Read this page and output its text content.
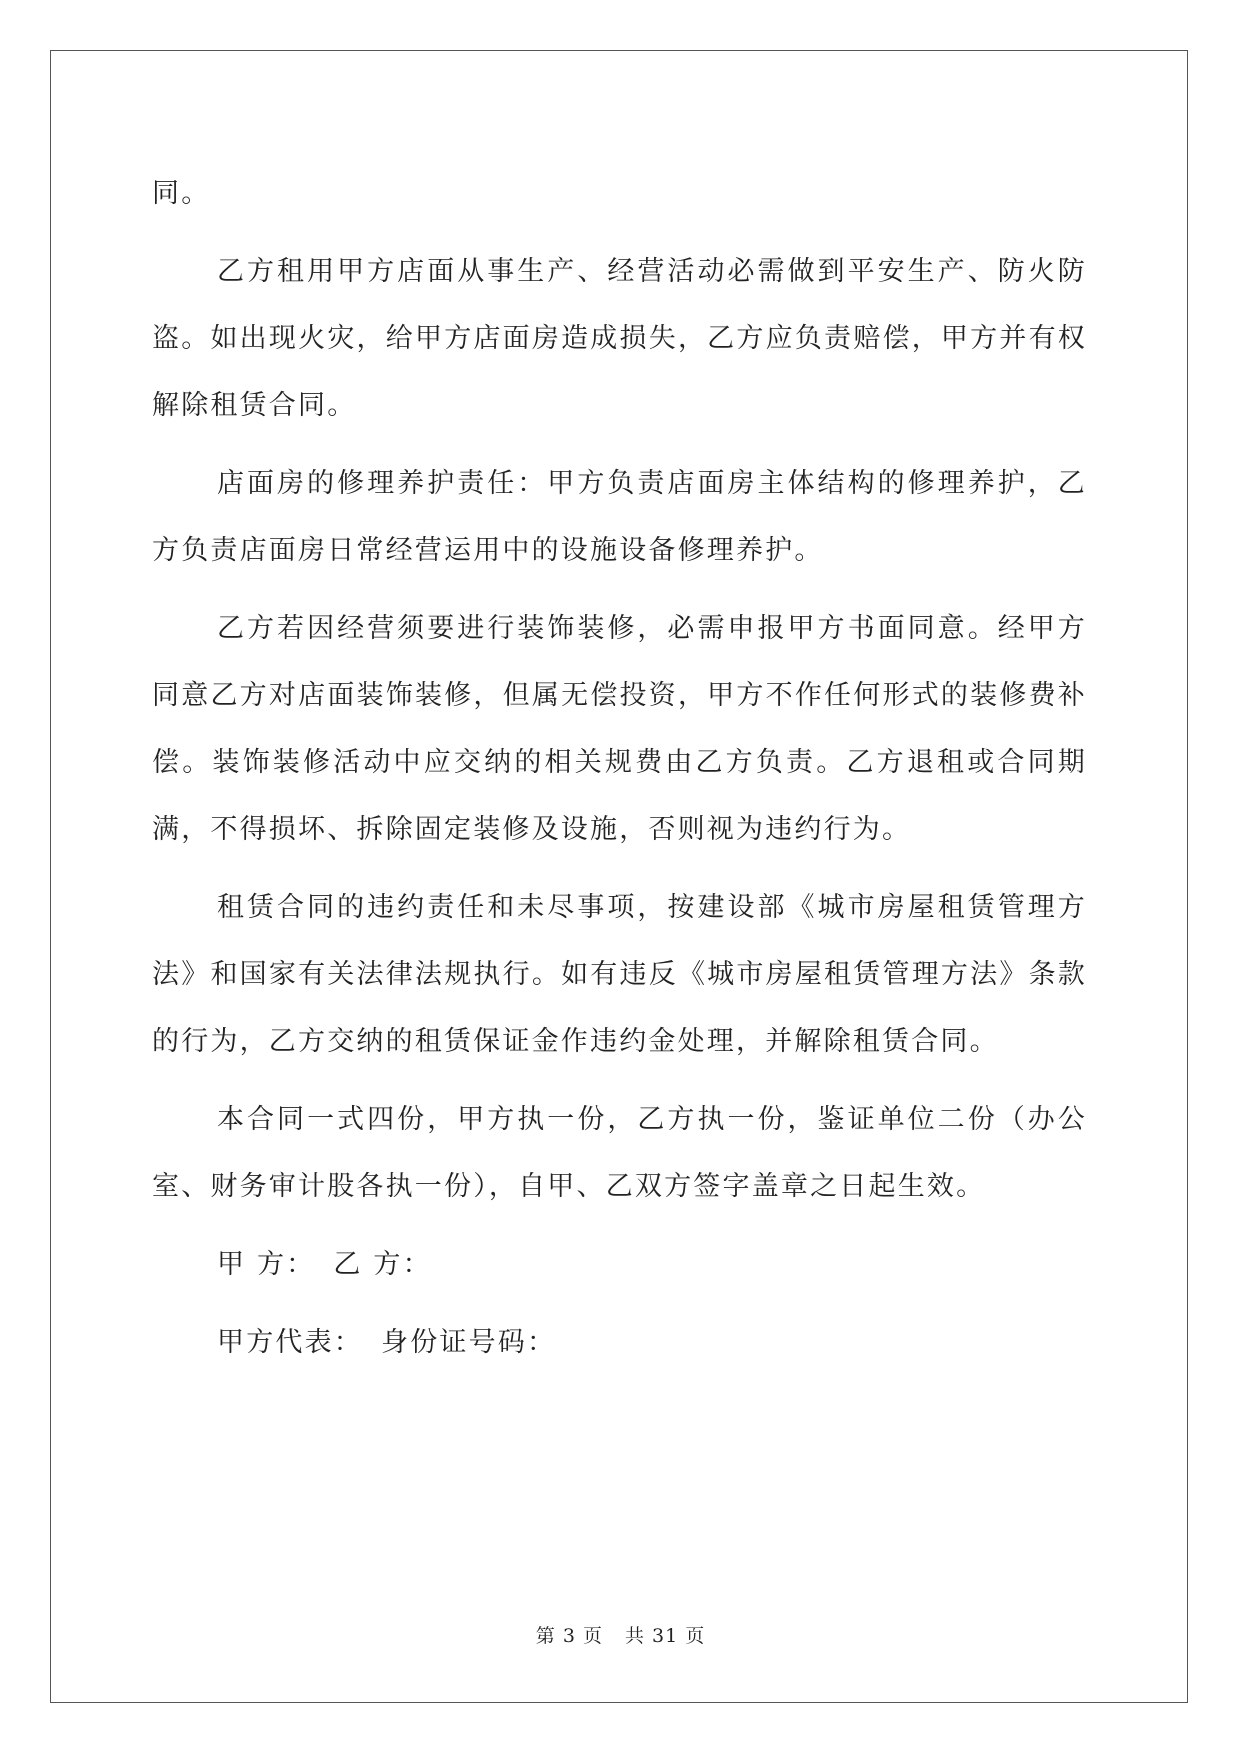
同。

乙方租用甲方店面从事生产、经营活动必需做到平安生产、防火防盗。如出现火灾，给甲方店面房造成损失，乙方应负责赔偿，甲方并有权解除租赁合同。

店面房的修理养护责任：甲方负责店面房主体结构的修理养护，乙方负责店面房日常经营运用中的设施设备修理养护。

乙方若因经营须要进行装饰装修，必需申报甲方书面同意。经甲方同意乙方对店面装饰装修，但属无偿投资，甲方不作任何形式的装修费补偿。装饰装修活动中应交纳的相关规费由乙方负责。乙方退租或合同期满，不得损坏、拆除固定装修及设施，否则视为违约行为。

租赁合同的违约责任和未尽事项，按建设部《城市房屋租赁管理方法》和国家有关法律法规执行。如有违反《城市房屋租赁管理方法》条款的行为，乙方交纳的租赁保证金作违约金处理，并解除租赁合同。

本合同一式四份，甲方执一份，乙方执一份，鉴证单位二份（办公室、财务审计股各执一份），自甲、乙双方签字盖章之日起生效。

甲 方： 乙 方：
甲方代表： 身份证号码：
第 3 页 共 31 页
